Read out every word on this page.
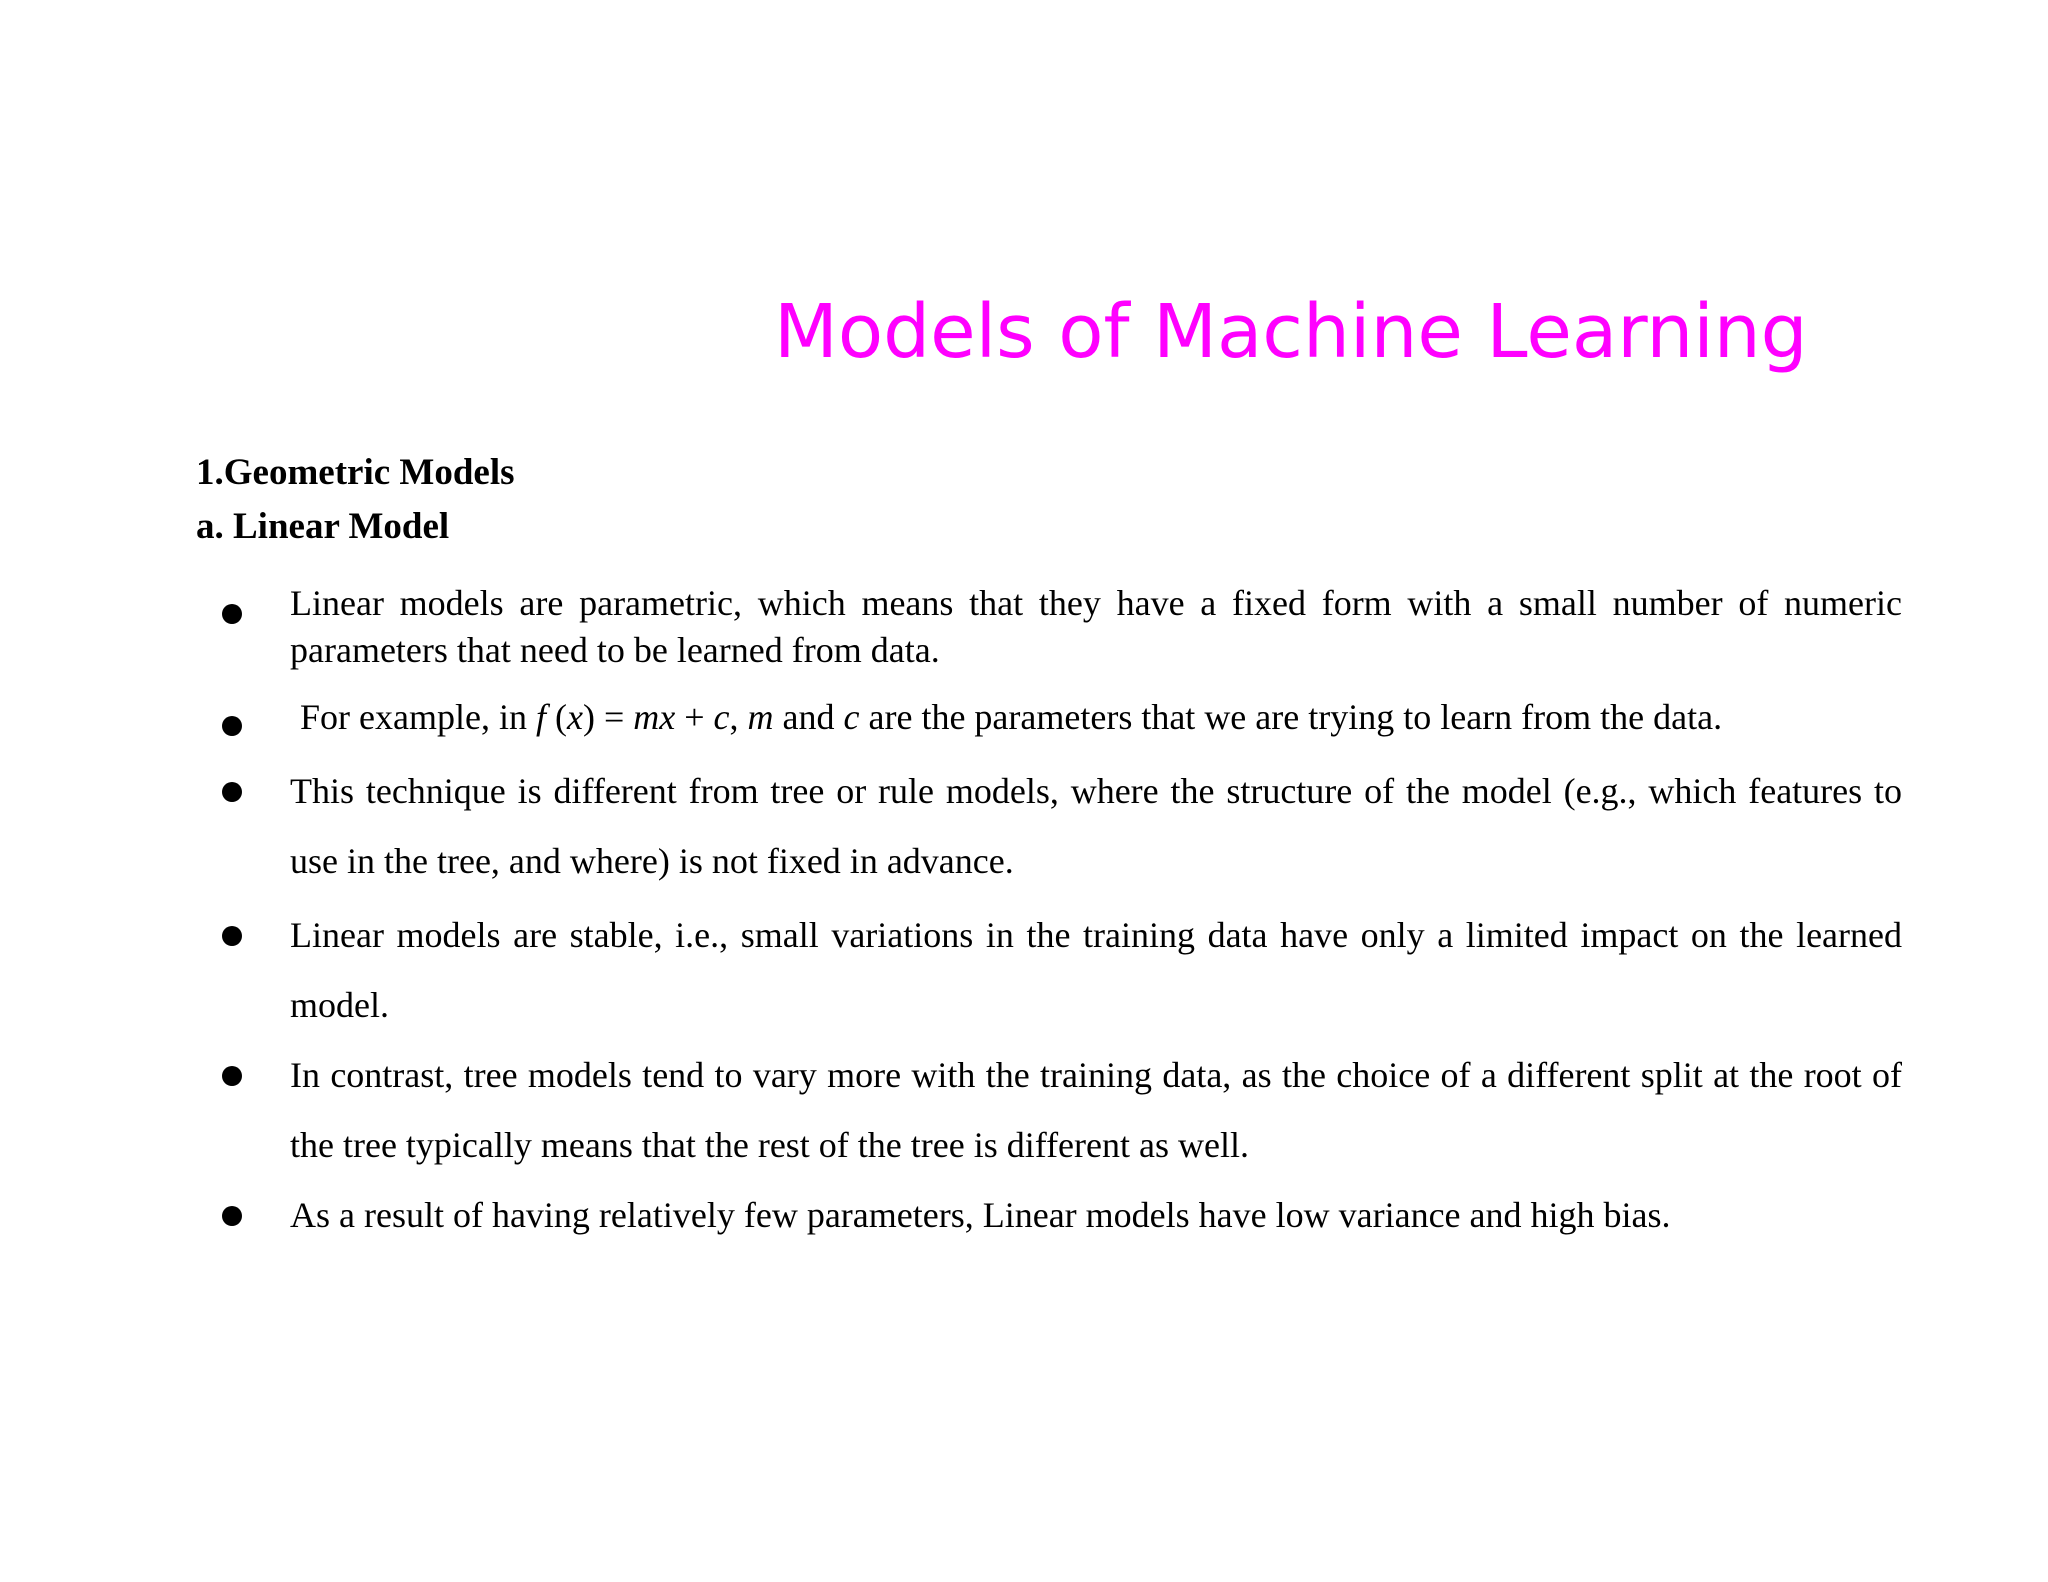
Models of Machine Learning
1.Geometric Models
a. Linear Model
Linear models are parametric, which means that they have a fixed form with a small number of numeric parameters that need to be learned from data.
For example, in f (x) = mx + c, m and c are the parameters that we are trying to learn from the data.
This technique is different from tree or rule models, where the structure of the model (e.g., which features to use in the tree, and where) is not fixed in advance.
Linear models are stable, i.e., small variations in the training data have only a limited impact on the learned model.
In contrast, tree models tend to vary more with the training data, as the choice of a different split at the root of the tree typically means that the rest of the tree is different as well.
As a result of having relatively few parameters, Linear models have low variance and high bias.
